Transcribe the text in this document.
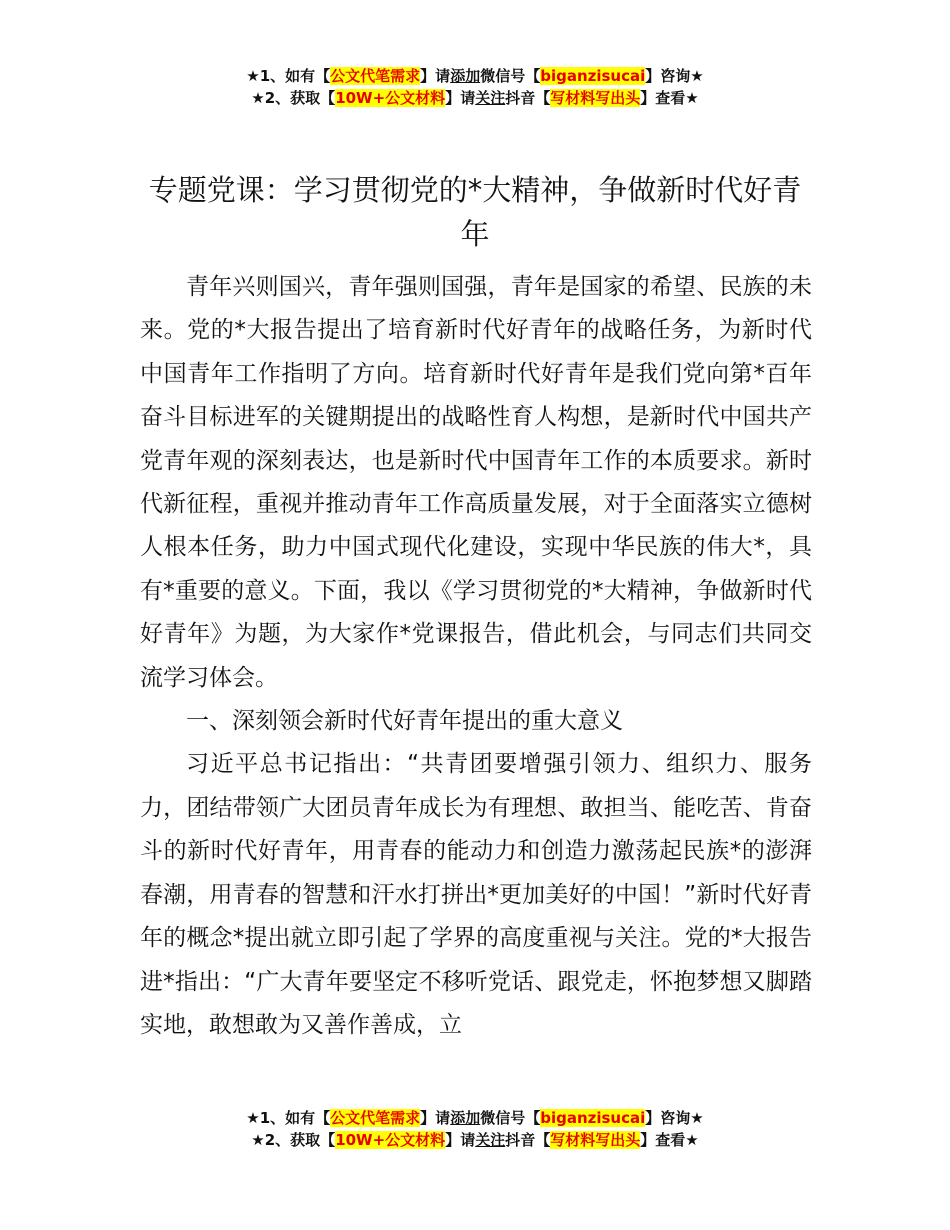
★1、如有【公文代笔需求】请添加微信号【biganzisucai】咨询★
★2、获取【10W+公文材料】请关注抖音【写材料写出头】查看★
专题党课：学习贯彻党的*大精神，争做新时代好青年

青年兴则国兴，青年强则国强，青年是国家的希望、民族的未来。党的*大报告提出了培育新时代好青年的战略任务，为新时代中国青年工作指明了方向。培育新时代好青年是我们党向第*百年奋斗目标进军的关键期提出的战略性育人构想，是新时代中国共产党青年观的深刻表达，也是新时代中国青年工作的本质要求。新时代新征程，重视并推动青年工作高质量发展，对于全面落实立德树人根本任务，助力中国式现代化建设，实现中华民族的伟大*，具有*重要的意义。下面，我以《学习贯彻党的*大精神，争做新时代好青年》为题，为大家作*党课报告，借此机会，与同志们共同交流学习体会。

一、深刻领会新时代好青年提出的重大意义

习近平总书记指出：“共青团要增强引领力、组织力、服务力，团结带领广大团员青年成长为有理想、敢担当、能吃苦、肯奋斗的新时代好青年，用青春的能动力和创造力激荡起民族*的澎湃春潮，用青春的智慧和汗水打拼出*更加美好的中国！”新时代好青年的概念*提出就立即引起了学界的高度重视与关注。党的*大报告进*指出：“广大青年要坚定不移听党话、跟党走，怀抱梦想又脚踏实地，敢想敢为又善作善成，立

★1、如有【公文代笔需求】请添加微信号【biganzisucai】咨询★
★2、获取【10W+公文材料】请关注抖音【写材料写出头】查看★
